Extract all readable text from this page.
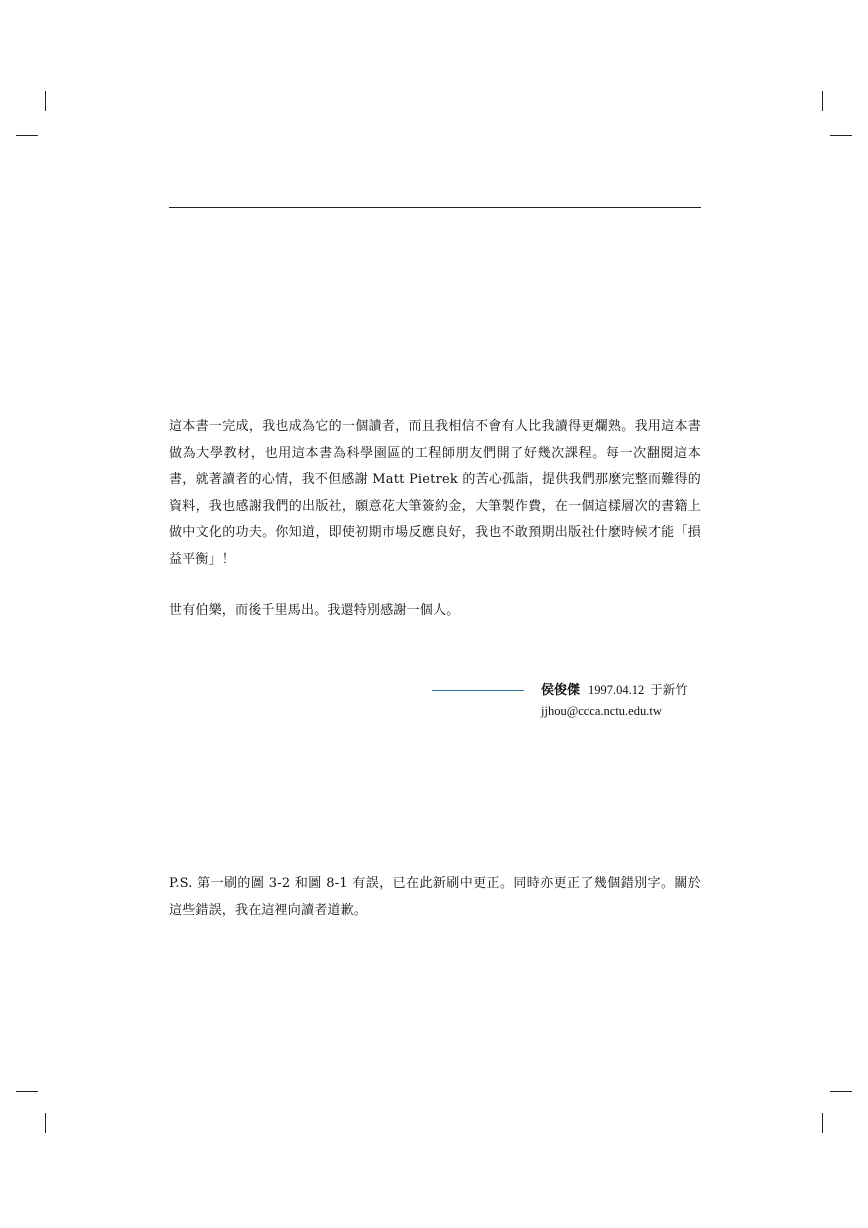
這本書一完成，我也成為它的一個讀者，而且我相信不會有人比我讀得更爛熟。我用這本書做為大學教材，也用這本書為科學園區的工程師朋友們開了好幾次課程。每一次翻閱這本書，就著讀者的心情，我不但感謝 Matt Pietrek 的苦心孤詣，提供我們那麼完整而難得的資料，我也感謝我們的出版社，願意花大筆簽約金，大筆製作費，在一個這樣層次的書籍上做中文化的功夫。你知道，即使初期市場反應良好，我也不敢預期出版社什麼時候才能「損益平衡」！

世有伯樂，而後千里馬出。我還特別感謝一個人。

侯俊傑 1997.04.12 于新竹
jjhou@ccca.nctu.edu.tw

P.S. 第一刷的圖 3-2 和圖 8-1 有誤，已在此新刷中更正。同時亦更正了幾個錯別字。關於這些錯誤，我在這裡向讀者道歉。
